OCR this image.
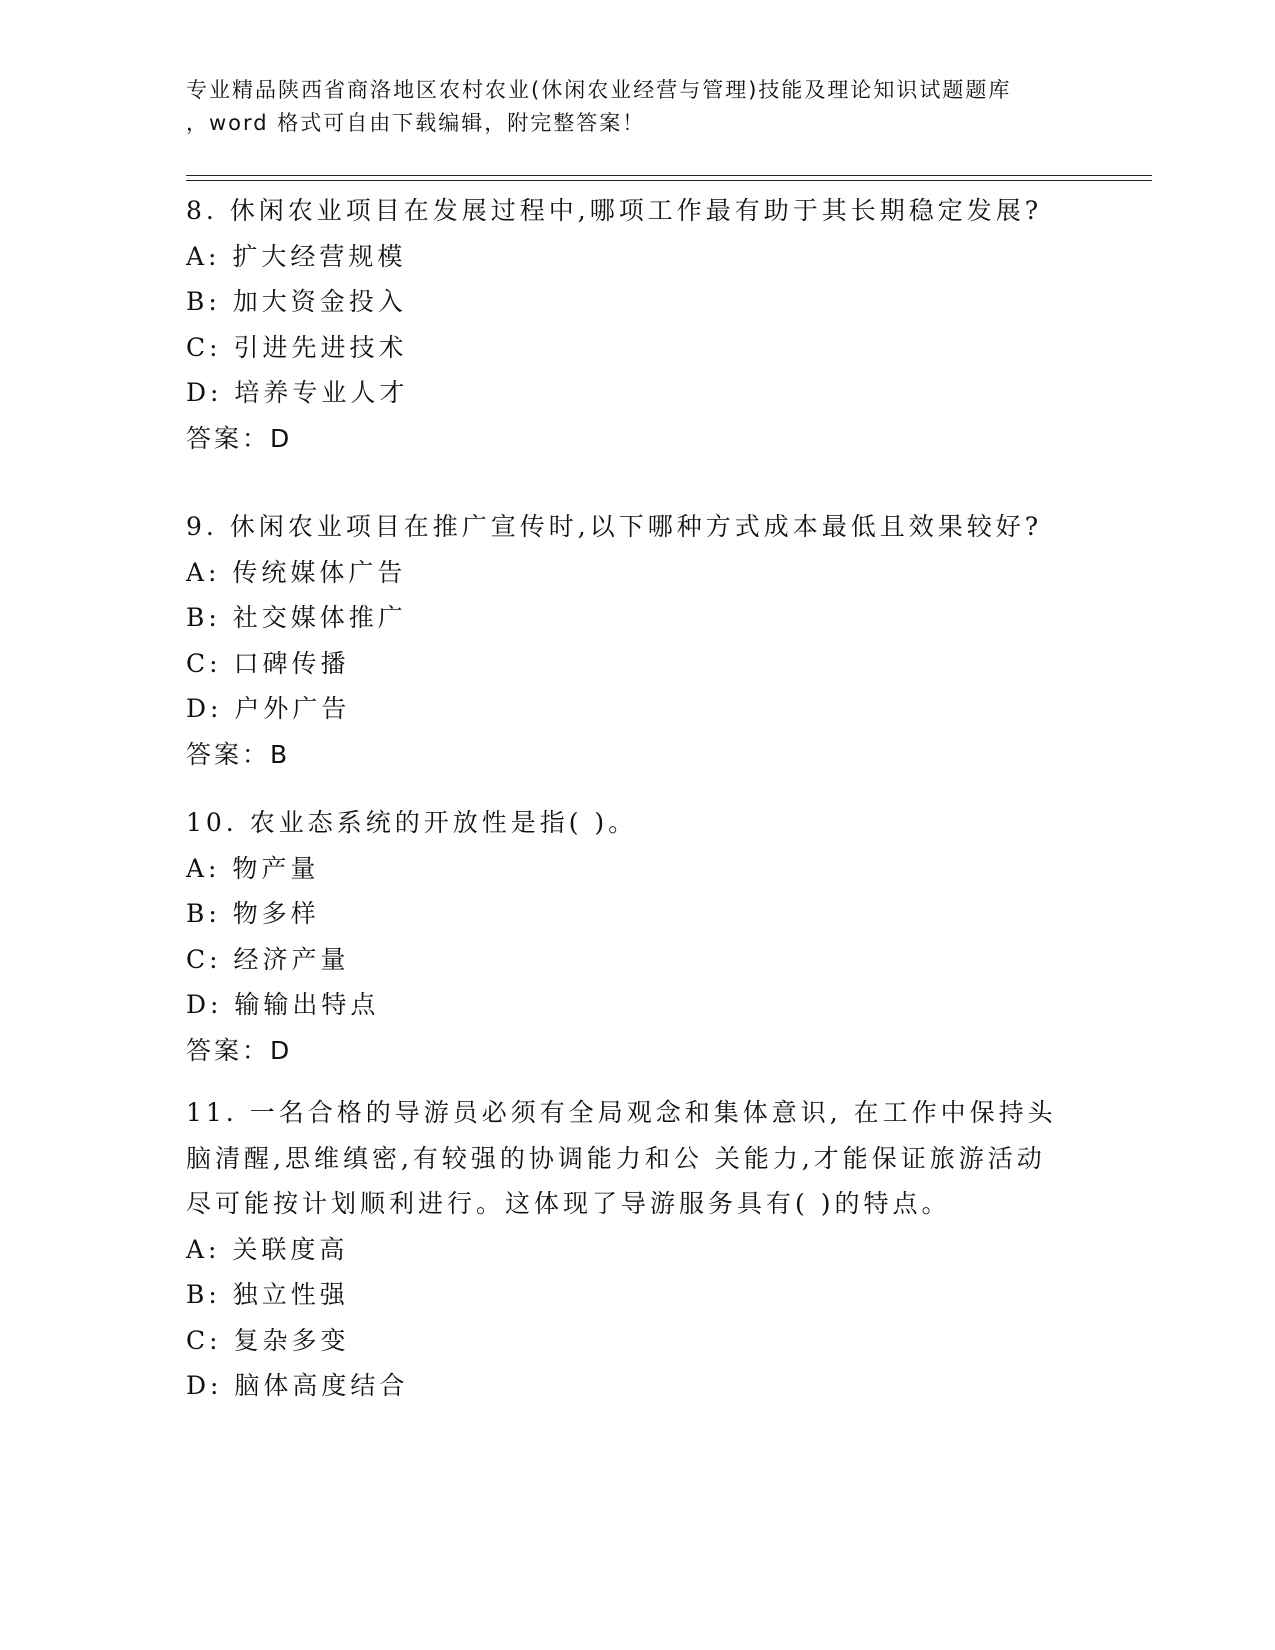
专业精品陕西省商洛地区农村农业(休闲农业经营与管理)技能及理论知识试题题库
，word 格式可自由下载编辑，附完整答案！
8. 休闲农业项目在发展过程中,哪项工作最有助于其长期稳定发展?
A: 扩大经营规模
B: 加大资金投入
C: 引进先进技术
D: 培养专业人才
答案：D
9. 休闲农业项目在推广宣传时,以下哪种方式成本最低且效果较好?
A: 传统媒体广告
B: 社交媒体推广
C: 口碑传播
D: 户外广告
答案：B
10. 农业态系统的开放性是指( )。
A: 物产量
B: 物多样
C: 经济产量
D: 输输出特点
答案：D
11. 一名合格的导游员必须有全局观念和集体意识, 在工作中保持头
脑清醒,思维缜密,有较强的协调能力和公 关能力,才能保证旅游活动
尽可能按计划顺利进行。这体现了导游服务具有( )的特点。
A: 关联度高
B: 独立性强
C: 复杂多变
D: 脑体高度结合
